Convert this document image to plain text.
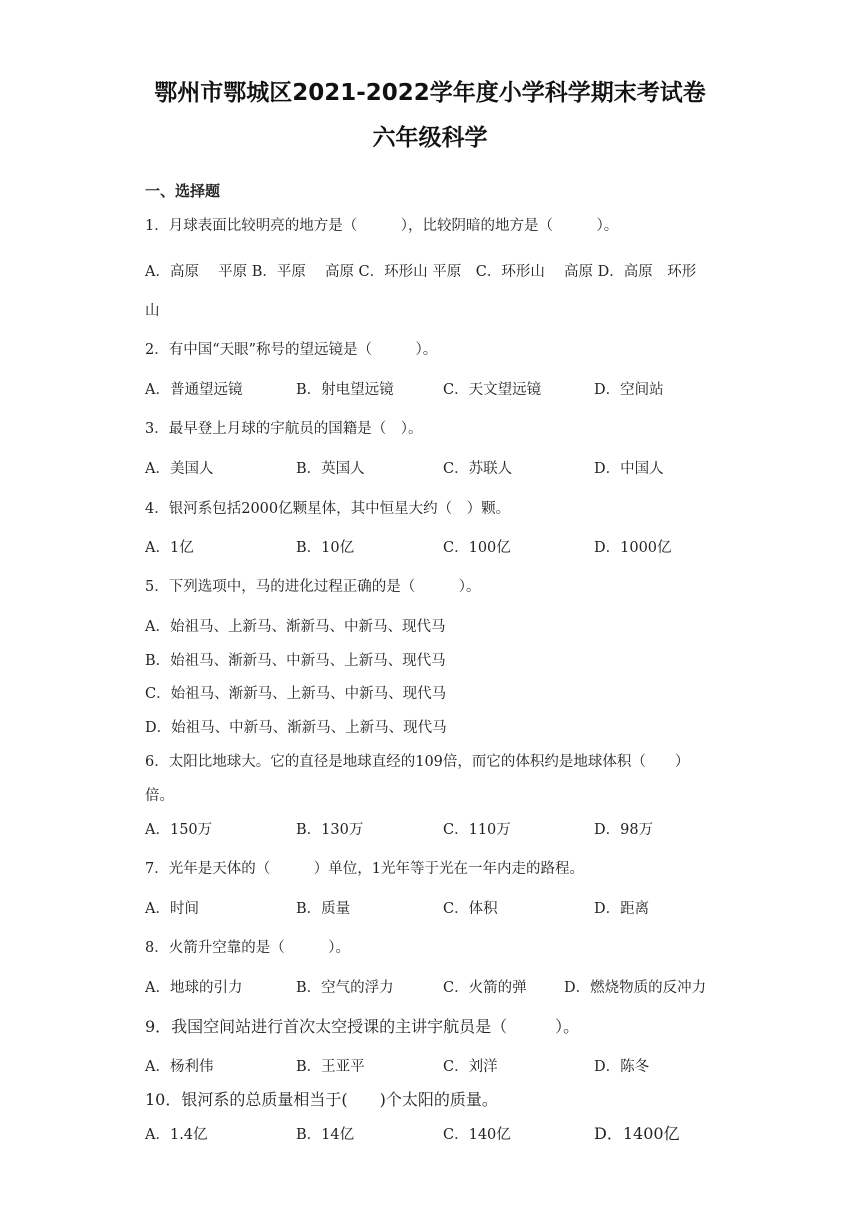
鄂州市鄂城区2021-2022学年度小学科学期末考试卷
六年级科学
一、选择题
1．月球表面比较明亮的地方是（　　　），比较阴暗的地方是（　　　）。
A．高原　 平原 B．平原　 高原 C．环形山 平原　C．环形山　 高原 D．高原　环形
山
2．有中国“天眼”称号的望远镜是（　　　）。
A．普通望远镜	B．射电望远镜	C．天文望远镜	D．空间站
3．最早登上月球的宇航员的国籍是（　）。
A．美国人	B．英国人	C．苏联人	D．中国人
4．银河系包括2000亿颗星体，其中恒星大约（　）颗。
A．1亿	B．10亿	C．100亿	D．1000亿
5．下列选项中，马的进化过程正确的是（　　　）。
A．始祖马、上新马、渐新马、中新马、现代马
B．始祖马、渐新马、中新马、上新马、现代马
C．始祖马、渐新马、上新马、中新马、现代马
D．始祖马、中新马、渐新马、上新马、现代马
6．太阳比地球大。它的直径是地球直经的109倍，而它的体积约是地球体积（　　）
倍。
A．150万	B．130万	C．110万	D．98万
7．光年是天体的（　　　）单位，1光年等于光在一年内走的路程。
A．时间	B．质量	C．体积	D．距离
8．火箭升空靠的是（　　　）。
A．地球的引力	B．空气的浮力	C．火箭的弹	D．燃烧物质的反冲力
9．我国空间站进行首次太空授课的主讲宇航员是（　　　）。
A．杨利伟	B．王亚平	C．刘洋	D．陈冬
10．银河系的总质量相当于(　　)个太阳的质量。
A．1.4亿	B．14亿	C．140亿	D．1400亿
